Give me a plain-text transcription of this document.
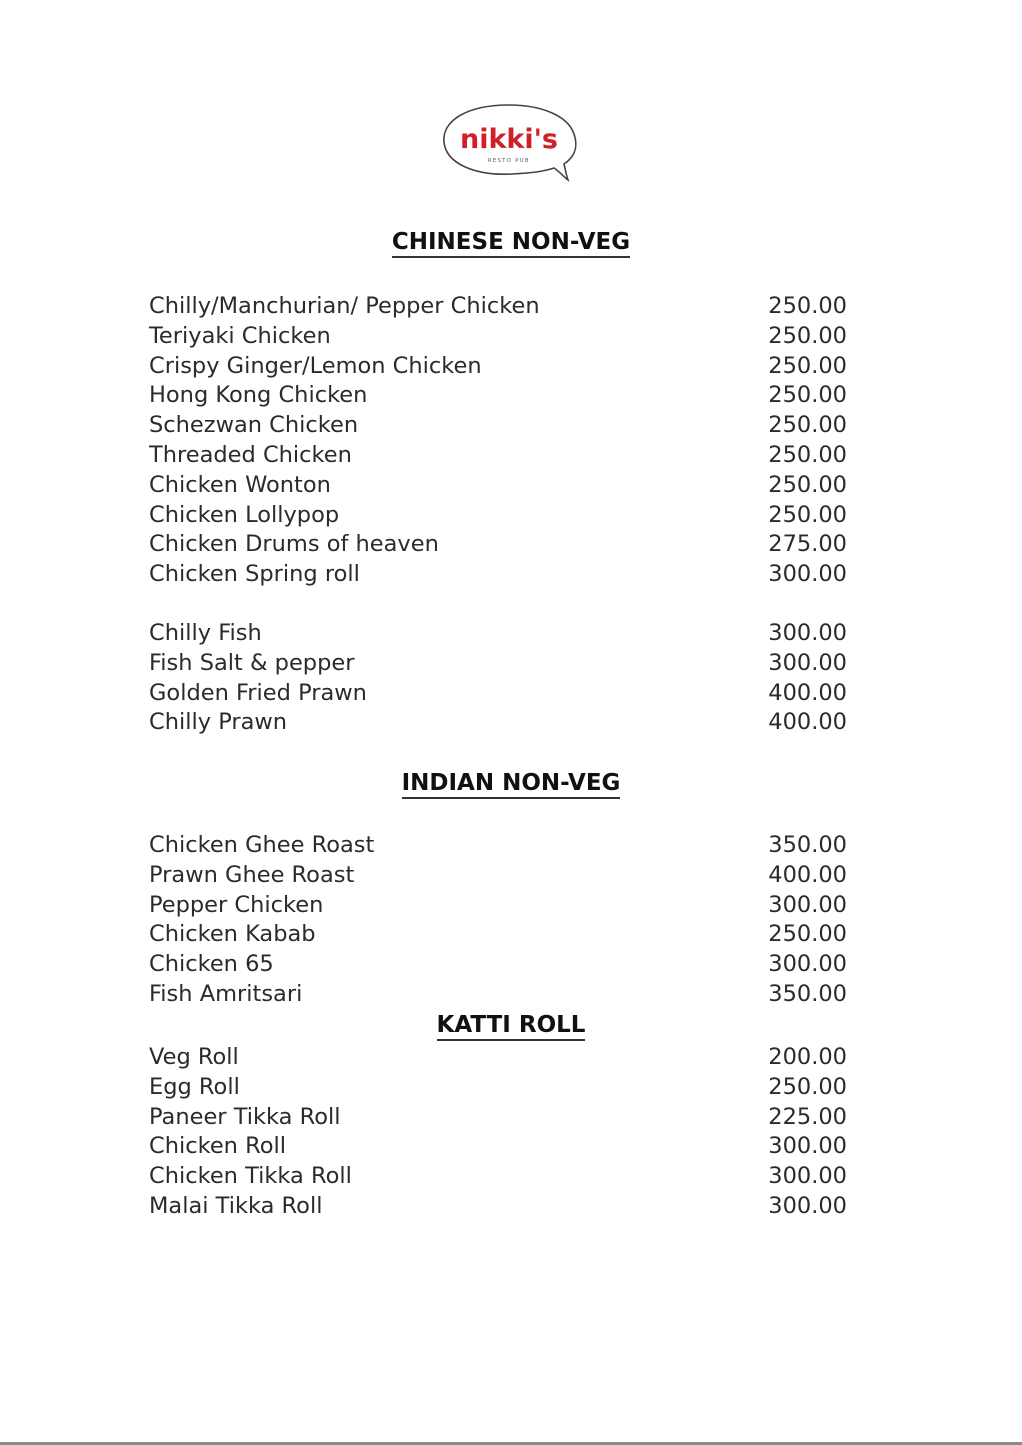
nikki's
RESTO PUB
CHINESE NON-VEG
Chilly/Manchurian/ Pepper Chicken	250.00
Teriyaki Chicken	250.00
Crispy Ginger/Lemon Chicken	250.00
Hong Kong Chicken	250.00
Schezwan Chicken	250.00
Threaded Chicken	250.00
Chicken Wonton	250.00
Chicken Lollypop	250.00
Chicken Drums of heaven	275.00
Chicken Spring roll	300.00
Chilly Fish	300.00
Fish Salt & pepper	300.00
Golden Fried Prawn	400.00
Chilly Prawn	400.00
INDIAN NON-VEG
Chicken Ghee Roast	350.00
Prawn Ghee Roast	400.00
Pepper Chicken	300.00
Chicken Kabab	250.00
Chicken 65	300.00
Fish Amritsari	350.00
KATTI ROLL
Veg Roll	200.00
Egg Roll	250.00
Paneer Tikka Roll	225.00
Chicken Roll	300.00
Chicken Tikka Roll	300.00
Malai Tikka Roll	300.00
